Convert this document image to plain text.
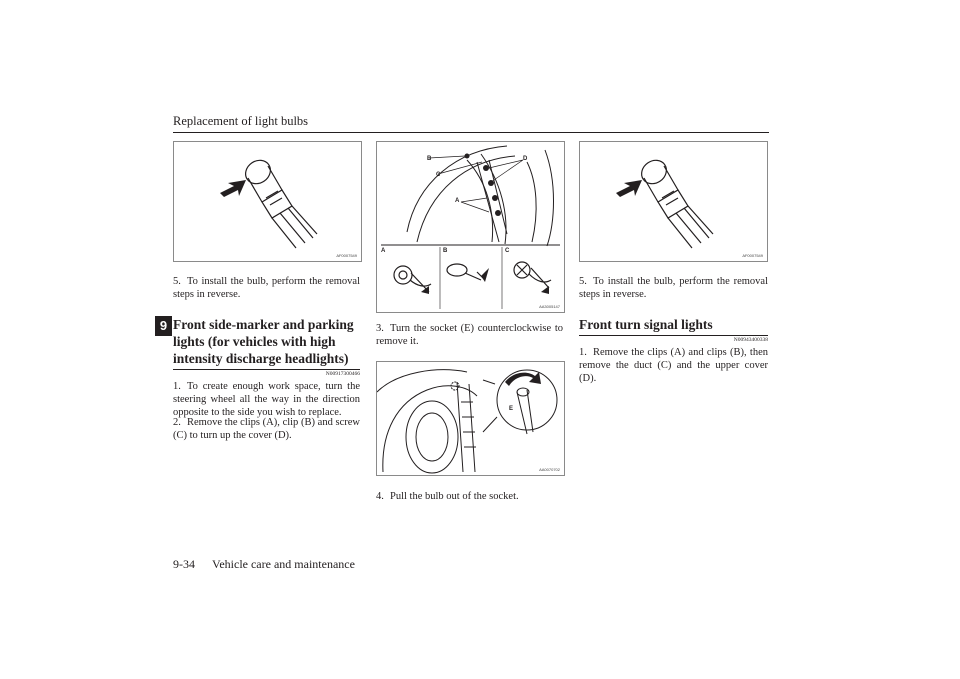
Replacement of light bulbs
9
AF0007549
B
C
D
A
A	B	C
AA3005147
E
AA0070702
AF0007549
5. To install the bulb, perform the removal steps in reverse.
Front side-marker and parking lights (for vehicles with high intensity discharge headlights)
N00917300466
1. To create enough work space, turn the steering wheel all the way in the direction opposite to the side you wish to replace.
2. Remove the clips (A), clip (B) and screw (C) to turn up the cover (D).
3. Turn the socket (E) counterclockwise to remove it.
4. Pull the bulb out of the socket.
5. To install the bulb, perform the removal steps in reverse.
Front turn signal lights
N00943400338
1. Remove the clips (A) and clips (B), then remove the duct (C) and the upper cover (D).
9-34 Vehicle care and maintenance
